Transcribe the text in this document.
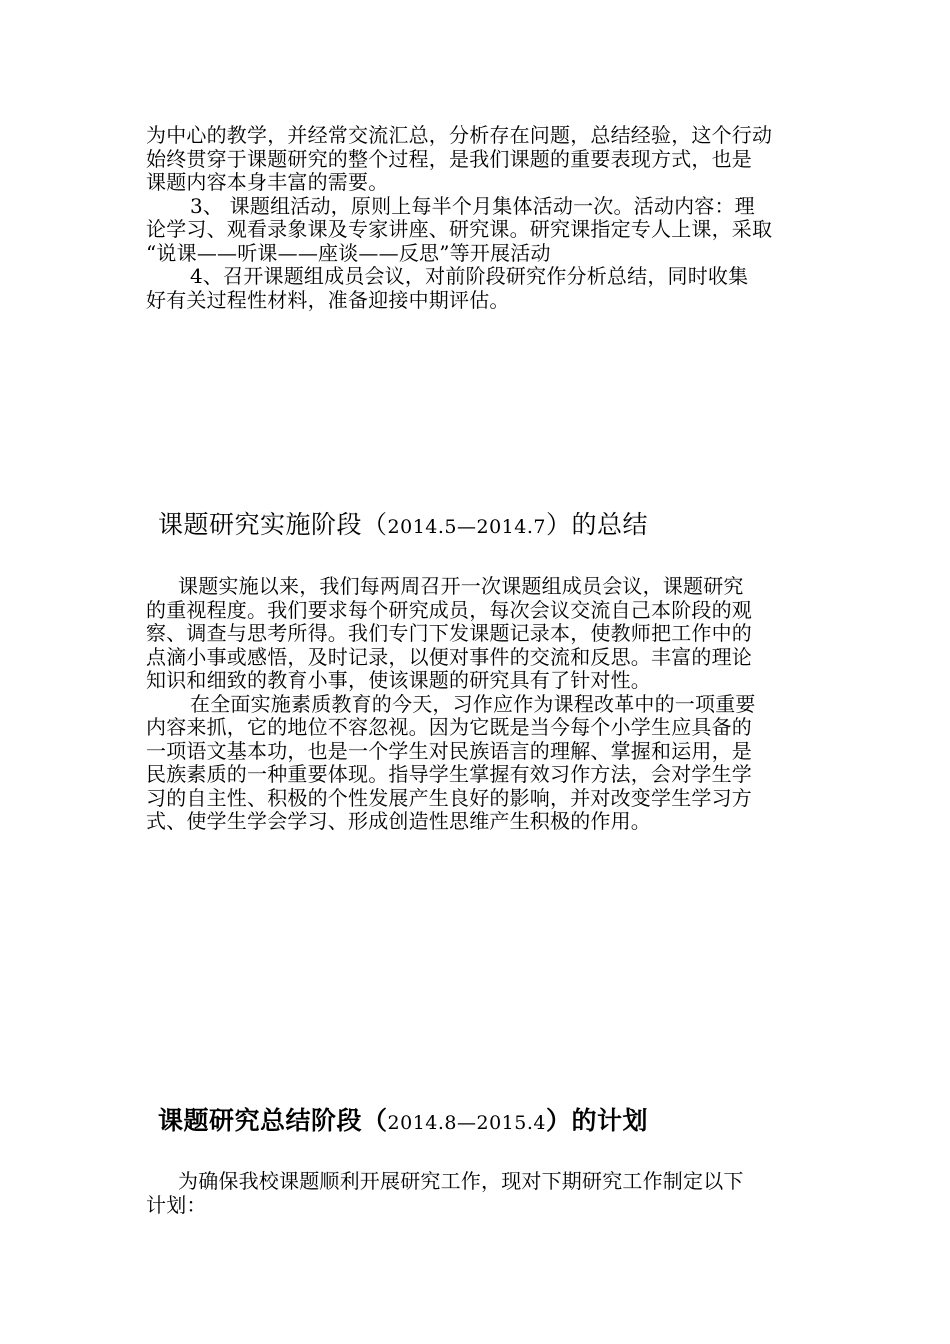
为中心的教学，并经常交流汇总，分析存在问题，总结经验，这个行动
始终贯穿于课题研究的整个过程，是我们课题的重要表现方式，也是
课题内容本身丰富的需要。
3、 课题组活动，原则上每半个月集体活动一次。活动内容：理
论学习、观看录象课及专家讲座、研究课。研究课指定专人上课，采取
“说课——听课——座谈——反思”等开展活动
4、召开课题组成员会议，对前阶段研究作分析总结，同时收集
好有关过程性材料，准备迎接中期评估。
课题研究实施阶段（2014.5—2014.7）的总结
课题实施以来，我们每两周召开一次课题组成员会议，课题研究
的重视程度。我们要求每个研究成员，每次会议交流自己本阶段的观
察、调查与思考所得。我们专门下发课题记录本，使教师把工作中的
点滴小事或感悟，及时记录，以便对事件的交流和反思。丰富的理论
知识和细致的教育小事，使该课题的研究具有了针对性。
在全面实施素质教育的今天，习作应作为课程改革中的一项重要
内容来抓，它的地位不容忽视。因为它既是当今每个小学生应具备的
一项语文基本功，也是一个学生对民族语言的理解、掌握和运用，是
民族素质的一种重要体现。指导学生掌握有效习作方法，会对学生学
习的自主性、积极的个性发展产生良好的影响，并对改变学生学习方
式、使学生学会学习、形成创造性思维产生积极的作用。
课题研究总结阶段（2014.8—2015.4）的计划
为确保我校课题顺利开展研究工作，现对下期研究工作制定以下
计划：
